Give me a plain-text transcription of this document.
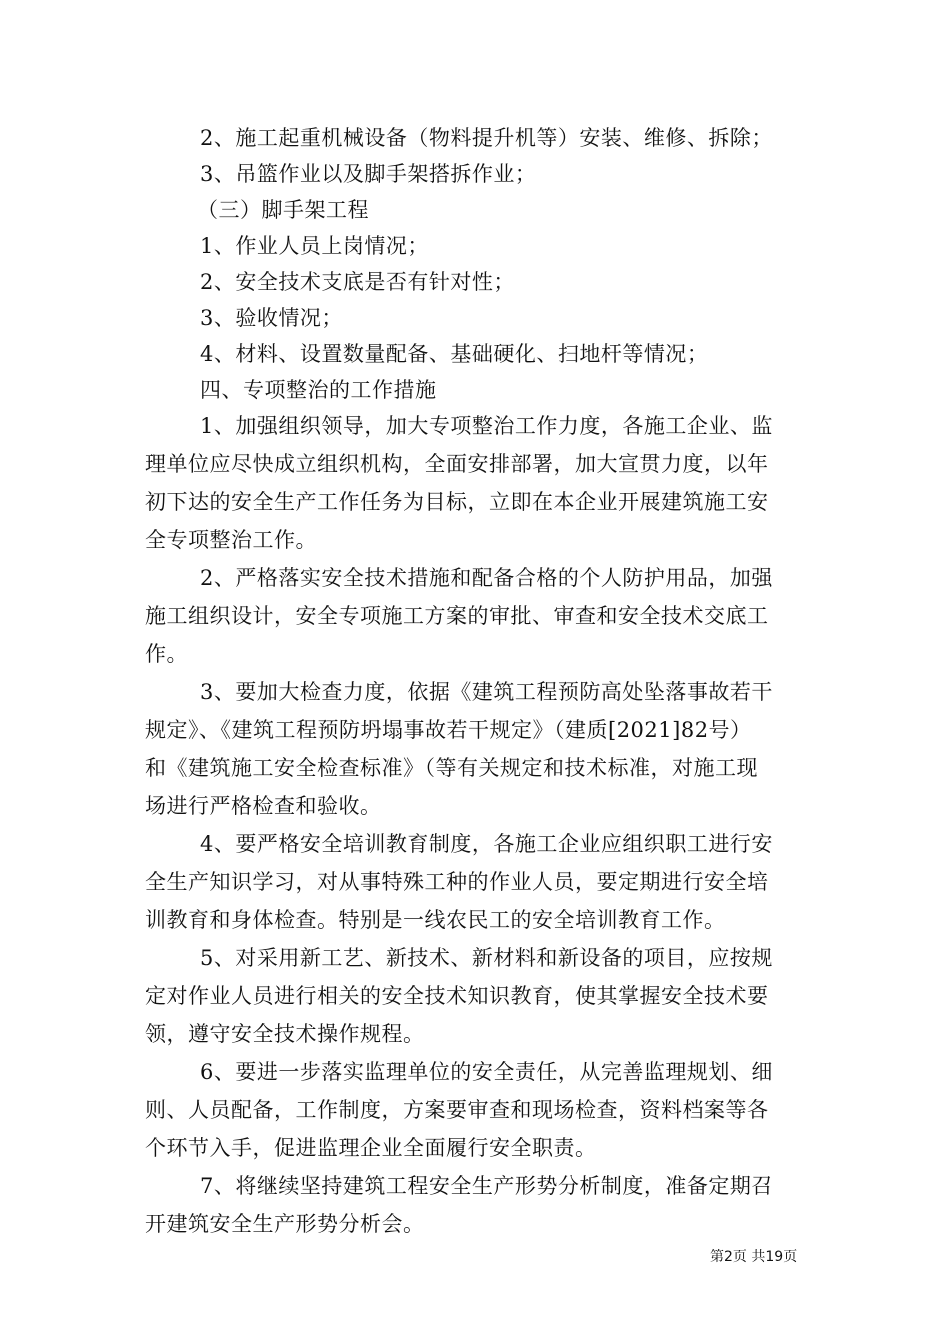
2、施工起重机械设备（物料提升机等）安装、维修、拆除；
3、吊篮作业以及脚手架搭拆作业；
（三）脚手架工程
1、作业人员上岗情况；
2、安全技术支底是否有针对性；
3、验收情况；
4、材料、设置数量配备、基础硬化、扫地杆等情况；
四、专项整治的工作措施
1、加强组织领导，加大专项整治工作力度，各施工企业、监
理单位应尽快成立组织机构，全面安排部署，加大宣贯力度，以年
初下达的安全生产工作任务为目标，立即在本企业开展建筑施工安
全专项整治工作。
2、严格落实安全技术措施和配备合格的个人防护用品，加强
施工组织设计，安全专项施工方案的审批、审查和安全技术交底工
作。
3、要加大检查力度，依据《建筑工程预防高处坠落事故若干
规定》、《建筑工程预防坍塌事故若干规定》（建质[2021]82号）
和《建筑施工安全检查标准》（等有关规定和技术标准，对施工现
场进行严格检查和验收。
4、要严格安全培训教育制度，各施工企业应组织职工进行安
全生产知识学习，对从事特殊工种的作业人员，要定期进行安全培
训教育和身体检查。特别是一线农民工的安全培训教育工作。
5、对采用新工艺、新技术、新材料和新设备的项目，应按规
定对作业人员进行相关的安全技术知识教育，使其掌握安全技术要
领，遵守安全技术操作规程。
6、要进一步落实监理单位的安全责任，从完善监理规划、细
则、人员配备，工作制度，方案要审查和现场检查，资料档案等各
个环节入手，促进监理企业全面履行安全职责。
7、将继续坚持建筑工程安全生产形势分析制度，准备定期召
开建筑安全生产形势分析会。
第2页 共19页
